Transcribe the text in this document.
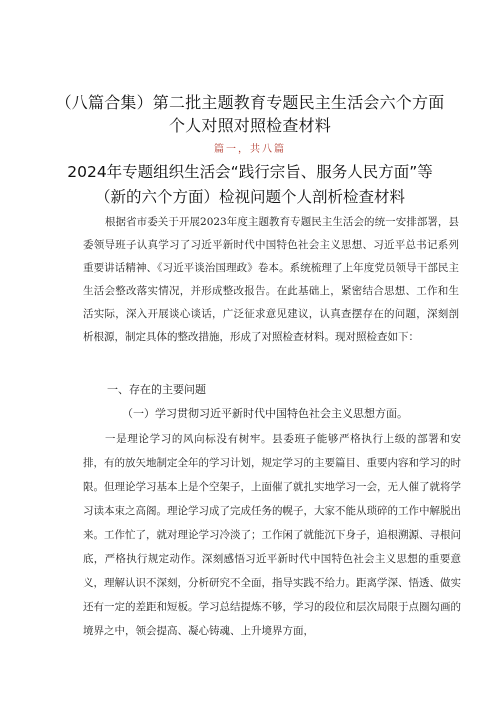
（八篇合集）第二批主题教育专题民主生活会六个方面
个人对照对照检查材料
篇一，共八篇
2024年专题组织生活会“践行宗旨、服务人民方面”等
（新的六个方面）检视问题个人剖析检查材料
根据省市委关于开展2023年度主题教育专题民主生活会的统一安排部署，县委领导班子认真学习了习近平新时代中国特色社会主义思想、习近平总书记系列重要讲话精神、《习近平谈治国理政》卷本。系统梳理了上年度党员领导干部民主生活会整改落实情况，并形成整改报告。在此基础上，紧密结合思想、工作和生活实际，深入开展谈心谈话，广泛征求意见建议，认真查摆存在的问题，深刻剖析根源，制定具体的整改措施，形成了对照检查材料。现对照检查如下：
一、存在的主要问题
（一）学习贯彻习近平新时代中国特色社会主义思想方面。
一是理论学习的风向标没有树牢。县委班子能够严格执行上级的部署和安排，有的放矢地制定全年的学习计划，规定学习的主要篇目、重要内容和学习的时限。但理论学习基本上是个空架子，上面催了就扎实地学习一会，无人催了就将学习读本束之高阁。理论学习成了完成任务的幌子，大家不能从琐碎的工作中解脱出来。工作忙了，就对理论学习冷淡了；工作闲了就能沉下身子，追根溯源、寻根问底，严格执行规定动作。深刻感悟习近平新时代中国特色社会主义思想的重要意义，理解认识不深刻，分析研究不全面，指导实践不给力。距离学深、悟透、做实还有一定的差距和短板。学习总结提炼不够，学习的段位和层次局限于点圈勾画的境界之中，领会提高、凝心铸魂、上升境界方面，
